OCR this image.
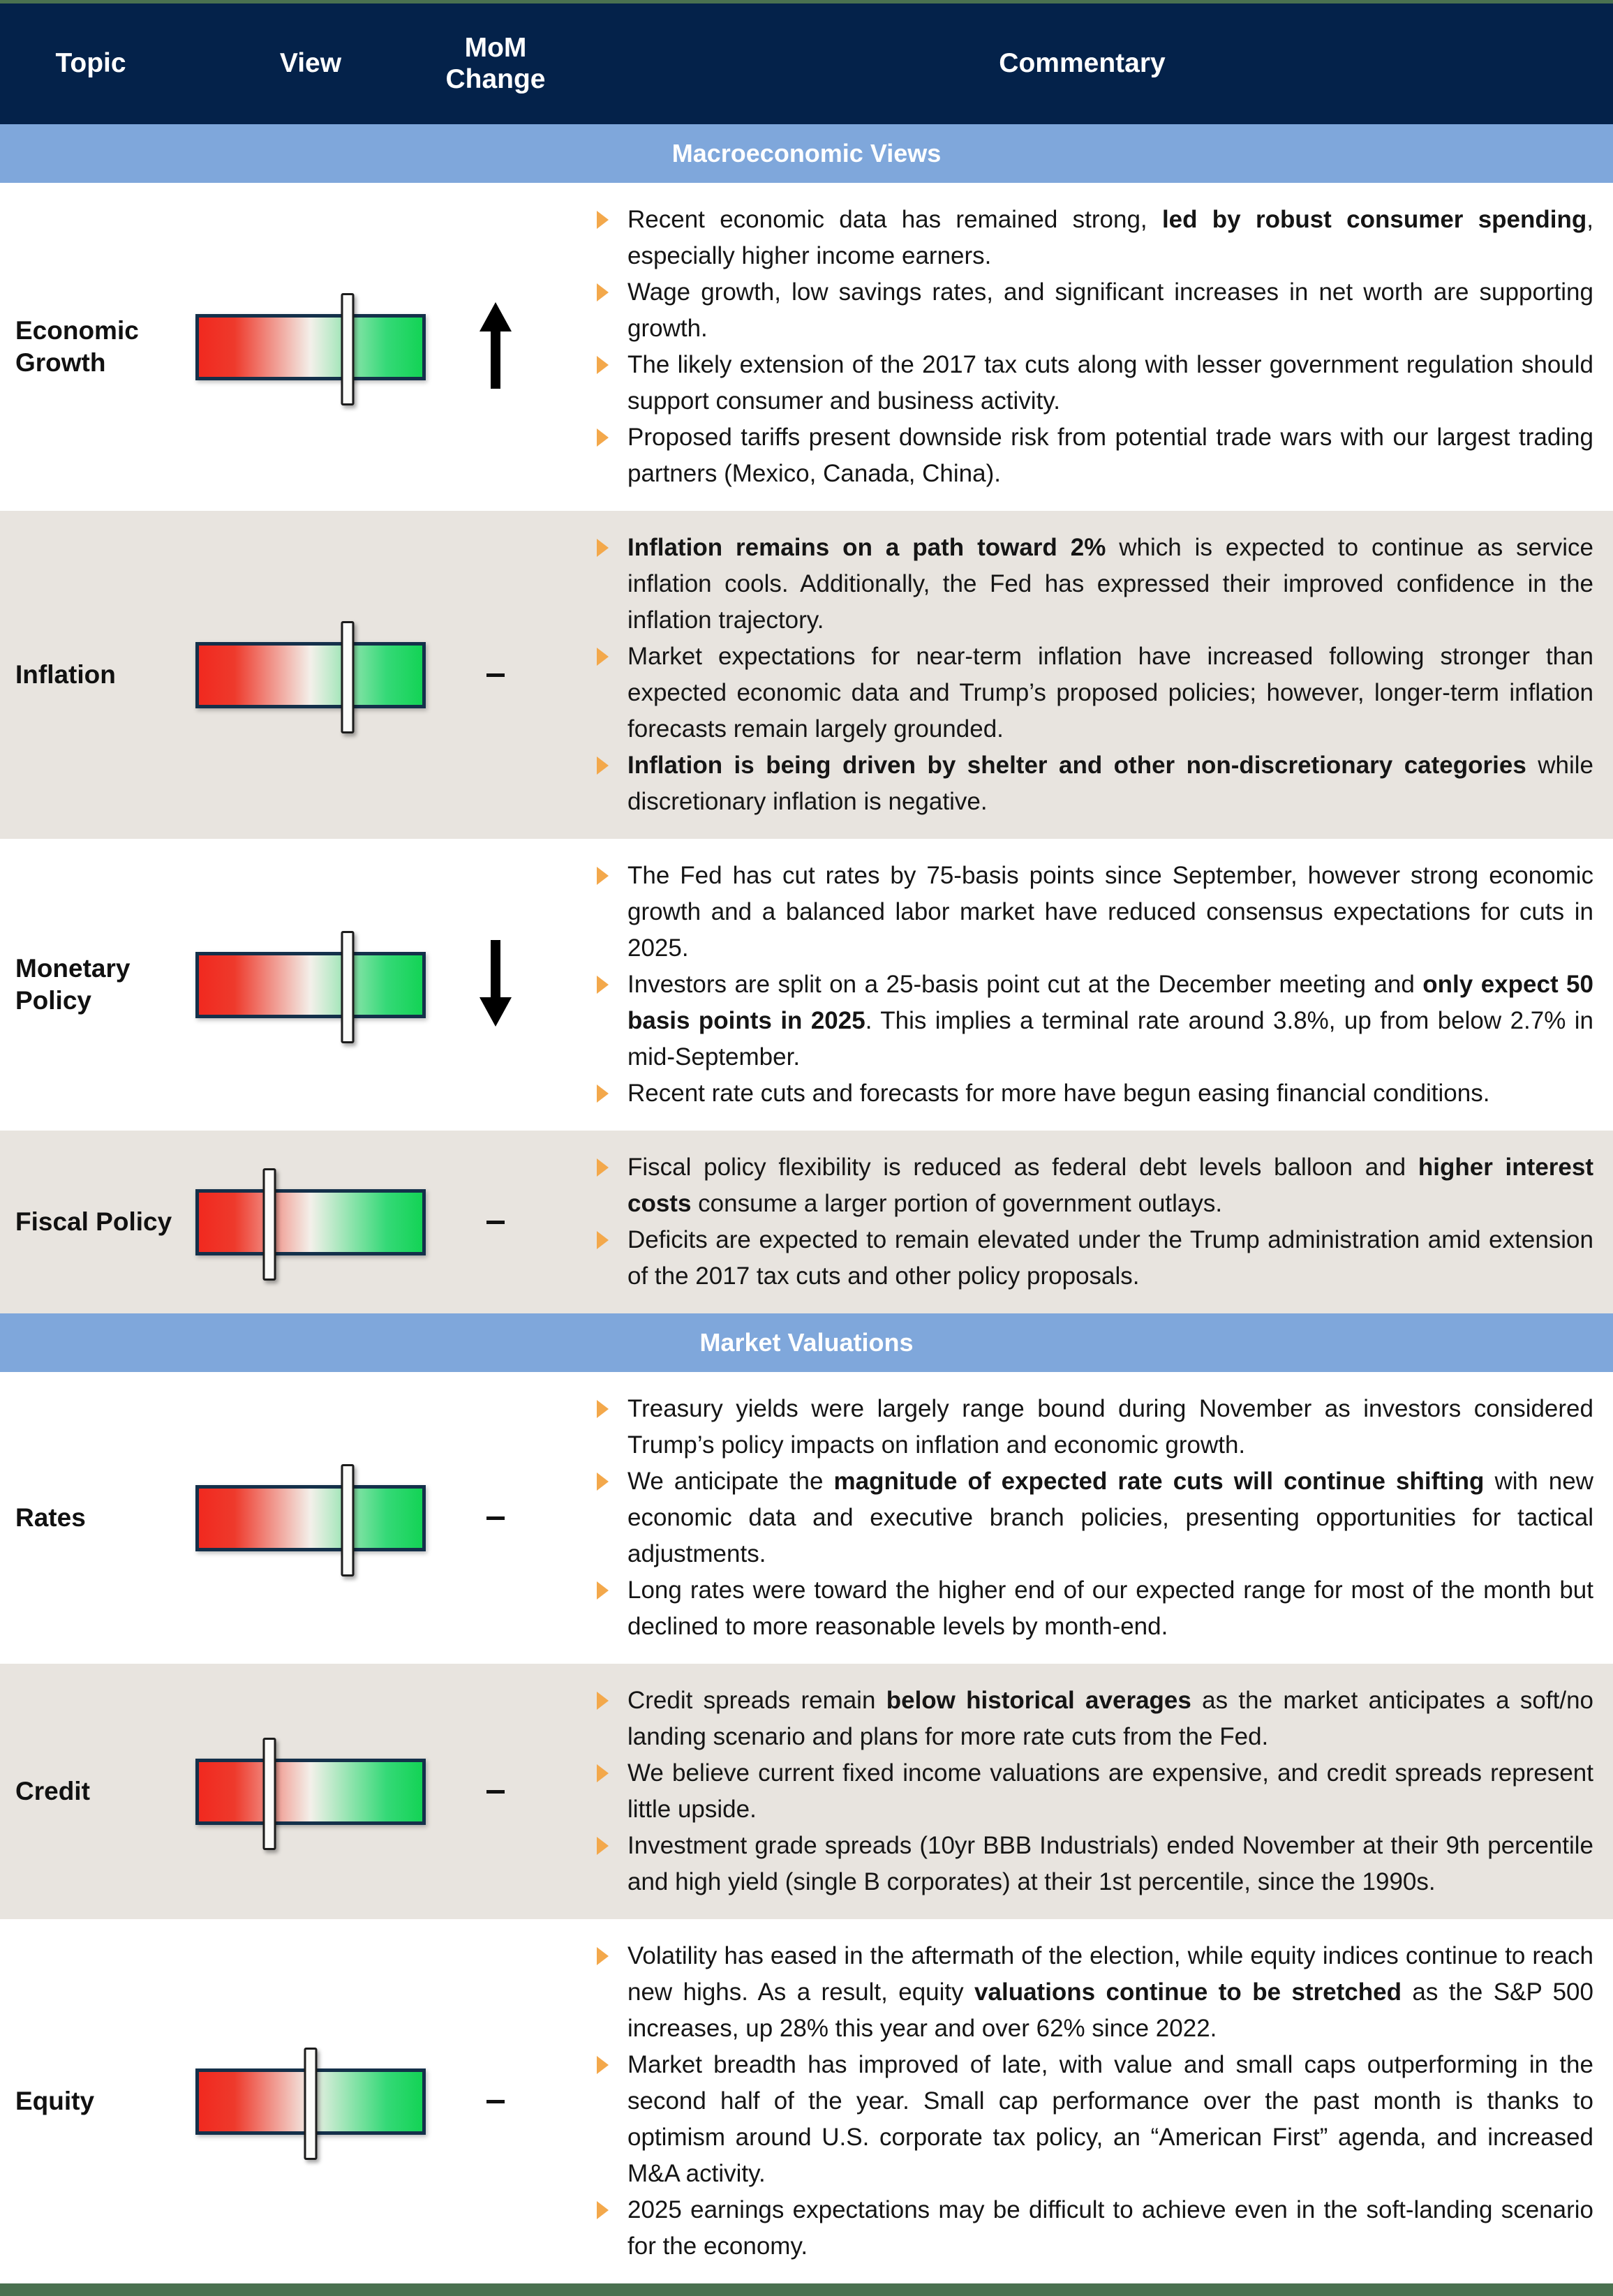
Topic	View
MoM Change
Commentary
Macroeconomic Views
Economic Growth

Recent economic data has remained strong, led by robust consumer spending, especially higher income earners.

Wage growth, low savings rates, and significant increases in net worth are supporting growth.

The likely extension of the 2017 tax cuts along with lesser government regulation should support consumer and business activity.

Proposed tariffs present downside risk from potential trade wars with our largest trading partners (Mexico, Canada, China).

Inflation

Inflation remains on a path toward 2% which is expected to continue as service inflation cools. Additionally, the Fed has expressed their improved confidence in the inflation trajectory.

Market expectations for near-term inflation have increased following stronger than expected economic data and Trump’s proposed policies; however, longer-term inflation forecasts remain largely grounded.

Inflation is being driven by shelter and other non-discretionary categories while discretionary inflation is negative.

Monetary Policy

The Fed has cut rates by 75-basis points since September, however strong economic growth and a balanced labor market have reduced consensus expectations for cuts in 2025.

Investors are split on a 25-basis point cut at the December meeting and only expect 50 basis points in 2025. This implies a terminal rate around 3.8%, up from below 2.7% in mid-September.

Recent rate cuts and forecasts for more have begun easing financial conditions.

Fiscal Policy

Fiscal policy flexibility is reduced as federal debt levels balloon and higher interest costs consume a larger portion of government outlays.

Deficits are expected to remain elevated under the Trump administration amid extension of the 2017 tax cuts and other policy proposals.

Market Valuations
Rates

Treasury yields were largely range bound during November as investors considered Trump’s policy impacts on inflation and economic growth.

We anticipate the magnitude of expected rate cuts will continue shifting with new economic data and executive branch policies, presenting opportunities for tactical adjustments.

Long rates were toward the higher end of our expected range for most of the month but declined to more reasonable levels by month-end.

Credit

Credit spreads remain below historical averages as the market anticipates a soft/no landing scenario and plans for more rate cuts from the Fed.

We believe current fixed income valuations are expensive, and credit spreads represent little upside.

Investment grade spreads (10yr BBB Industrials) ended November at their 9th percentile and high yield (single B corporates) at their 1st percentile, since the 1990s.

Equity

Volatility has eased in the aftermath of the election, while equity indices continue to reach new highs. As a result, equity valuations continue to be stretched as the S&P 500 increases, up 28% this year and over 62% since 2022.

Market breadth has improved of late, with value and small caps outperforming in the second half of the year. Small cap performance over the past month is thanks to optimism around U.S. corporate tax policy, an “American First” agenda, and increased M&A activity.

2025 earnings expectations may be difficult to achieve even in the soft-landing scenario for the economy.
